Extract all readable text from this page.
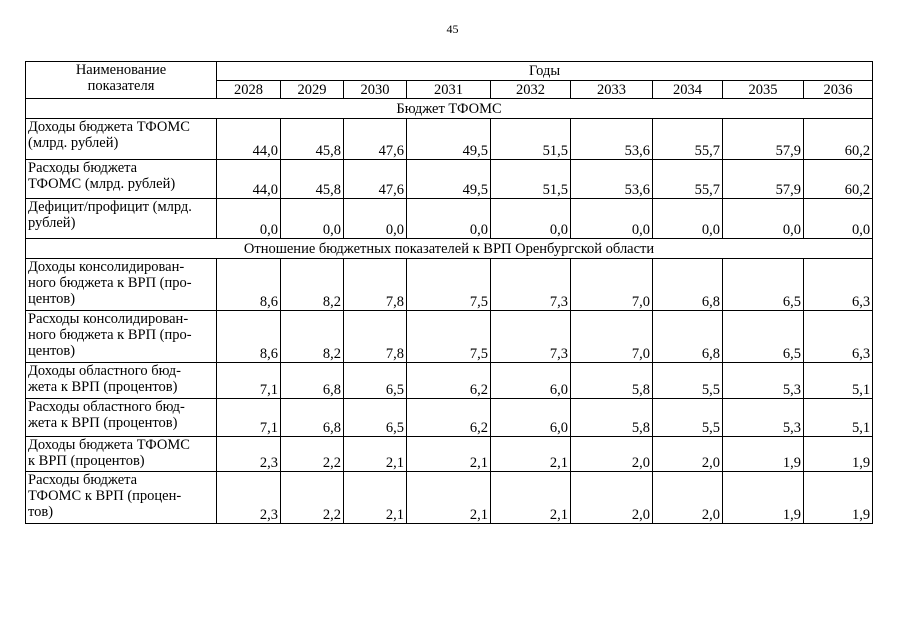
45
Наименование
показателя	Годы								
	2028	2029	2030	2031	2032	2033	2034	2035	2036
Бюджет ТФОМС									
Доходы бюджета ТФОМС
(млрд. рублей)	44,0	45,8	47,6	49,5	51,5	53,6	55,7	57,9	60,2
Расходы бюджета
ТФОМС (млрд. рублей)	44,0	45,8	47,6	49,5	51,5	53,6	55,7	57,9	60,2
Дефицит/профицит (млрд.
рублей)	0,0	0,0	0,0	0,0	0,0	0,0	0,0	0,0	0,0
Отношение бюджетных показателей к ВРП Оренбургской области									
Доходы консолидирован-
ного бюджета к ВРП (про-
центов)	8,6	8,2	7,8	7,5	7,3	7,0	6,8	6,5	6,3
Расходы консолидирован-
ного бюджета к ВРП (про-
центов)	8,6	8,2	7,8	7,5	7,3	7,0	6,8	6,5	6,3
Доходы областного бюд-
жета к ВРП (процентов)	7,1	6,8	6,5	6,2	6,0	5,8	5,5	5,3	5,1
Расходы областного бюд-
жета к ВРП (процентов)	7,1	6,8	6,5	6,2	6,0	5,8	5,5	5,3	5,1
Доходы бюджета ТФОМС
к ВРП (процентов)	2,3	2,2	2,1	2,1	2,1	2,0	2,0	1,9	1,9
Расходы бюджета
ТФОМС к ВРП (процен-
тов)	2,3	2,2	2,1	2,1	2,1	2,0	2,0	1,9	1,9
